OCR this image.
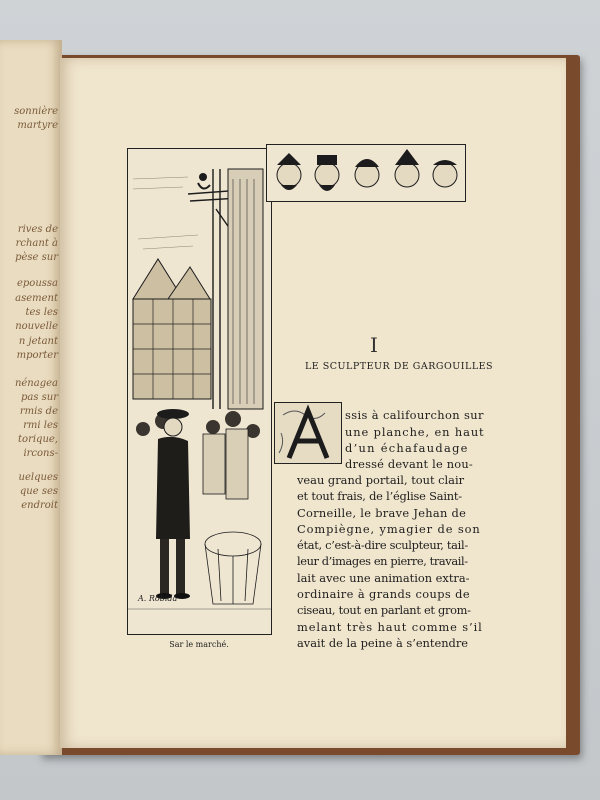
sonnière
martyre
rives de
rchant à
pèse sur
epoussa
asement
tes les
nouvelle
n jetant
mporter
nénagea
pas sur
rmis de
rmi les
torique,
ircons-
uelques
que ses
endroit
A. Robida
Sar le marché.
I
LE SCULPTEUR DE GARGOUILLES
ssis à califourchon sur
une planche, en haut
d’un échafaudage
dressé devant le nou-
veau grand portail, tout clair
et tout frais, de l’église Saint-
Corneille, le brave Jehan de
Compiègne, ymagier de son
état, c’est-à-dire sculpteur, tail-
leur d’images en pierre, travail-
lait avec une animation extra-
ordinaire à grands coups de
ciseau, tout en parlant et grom-
melant très haut comme s’il
avait de la peine à s’entendre
